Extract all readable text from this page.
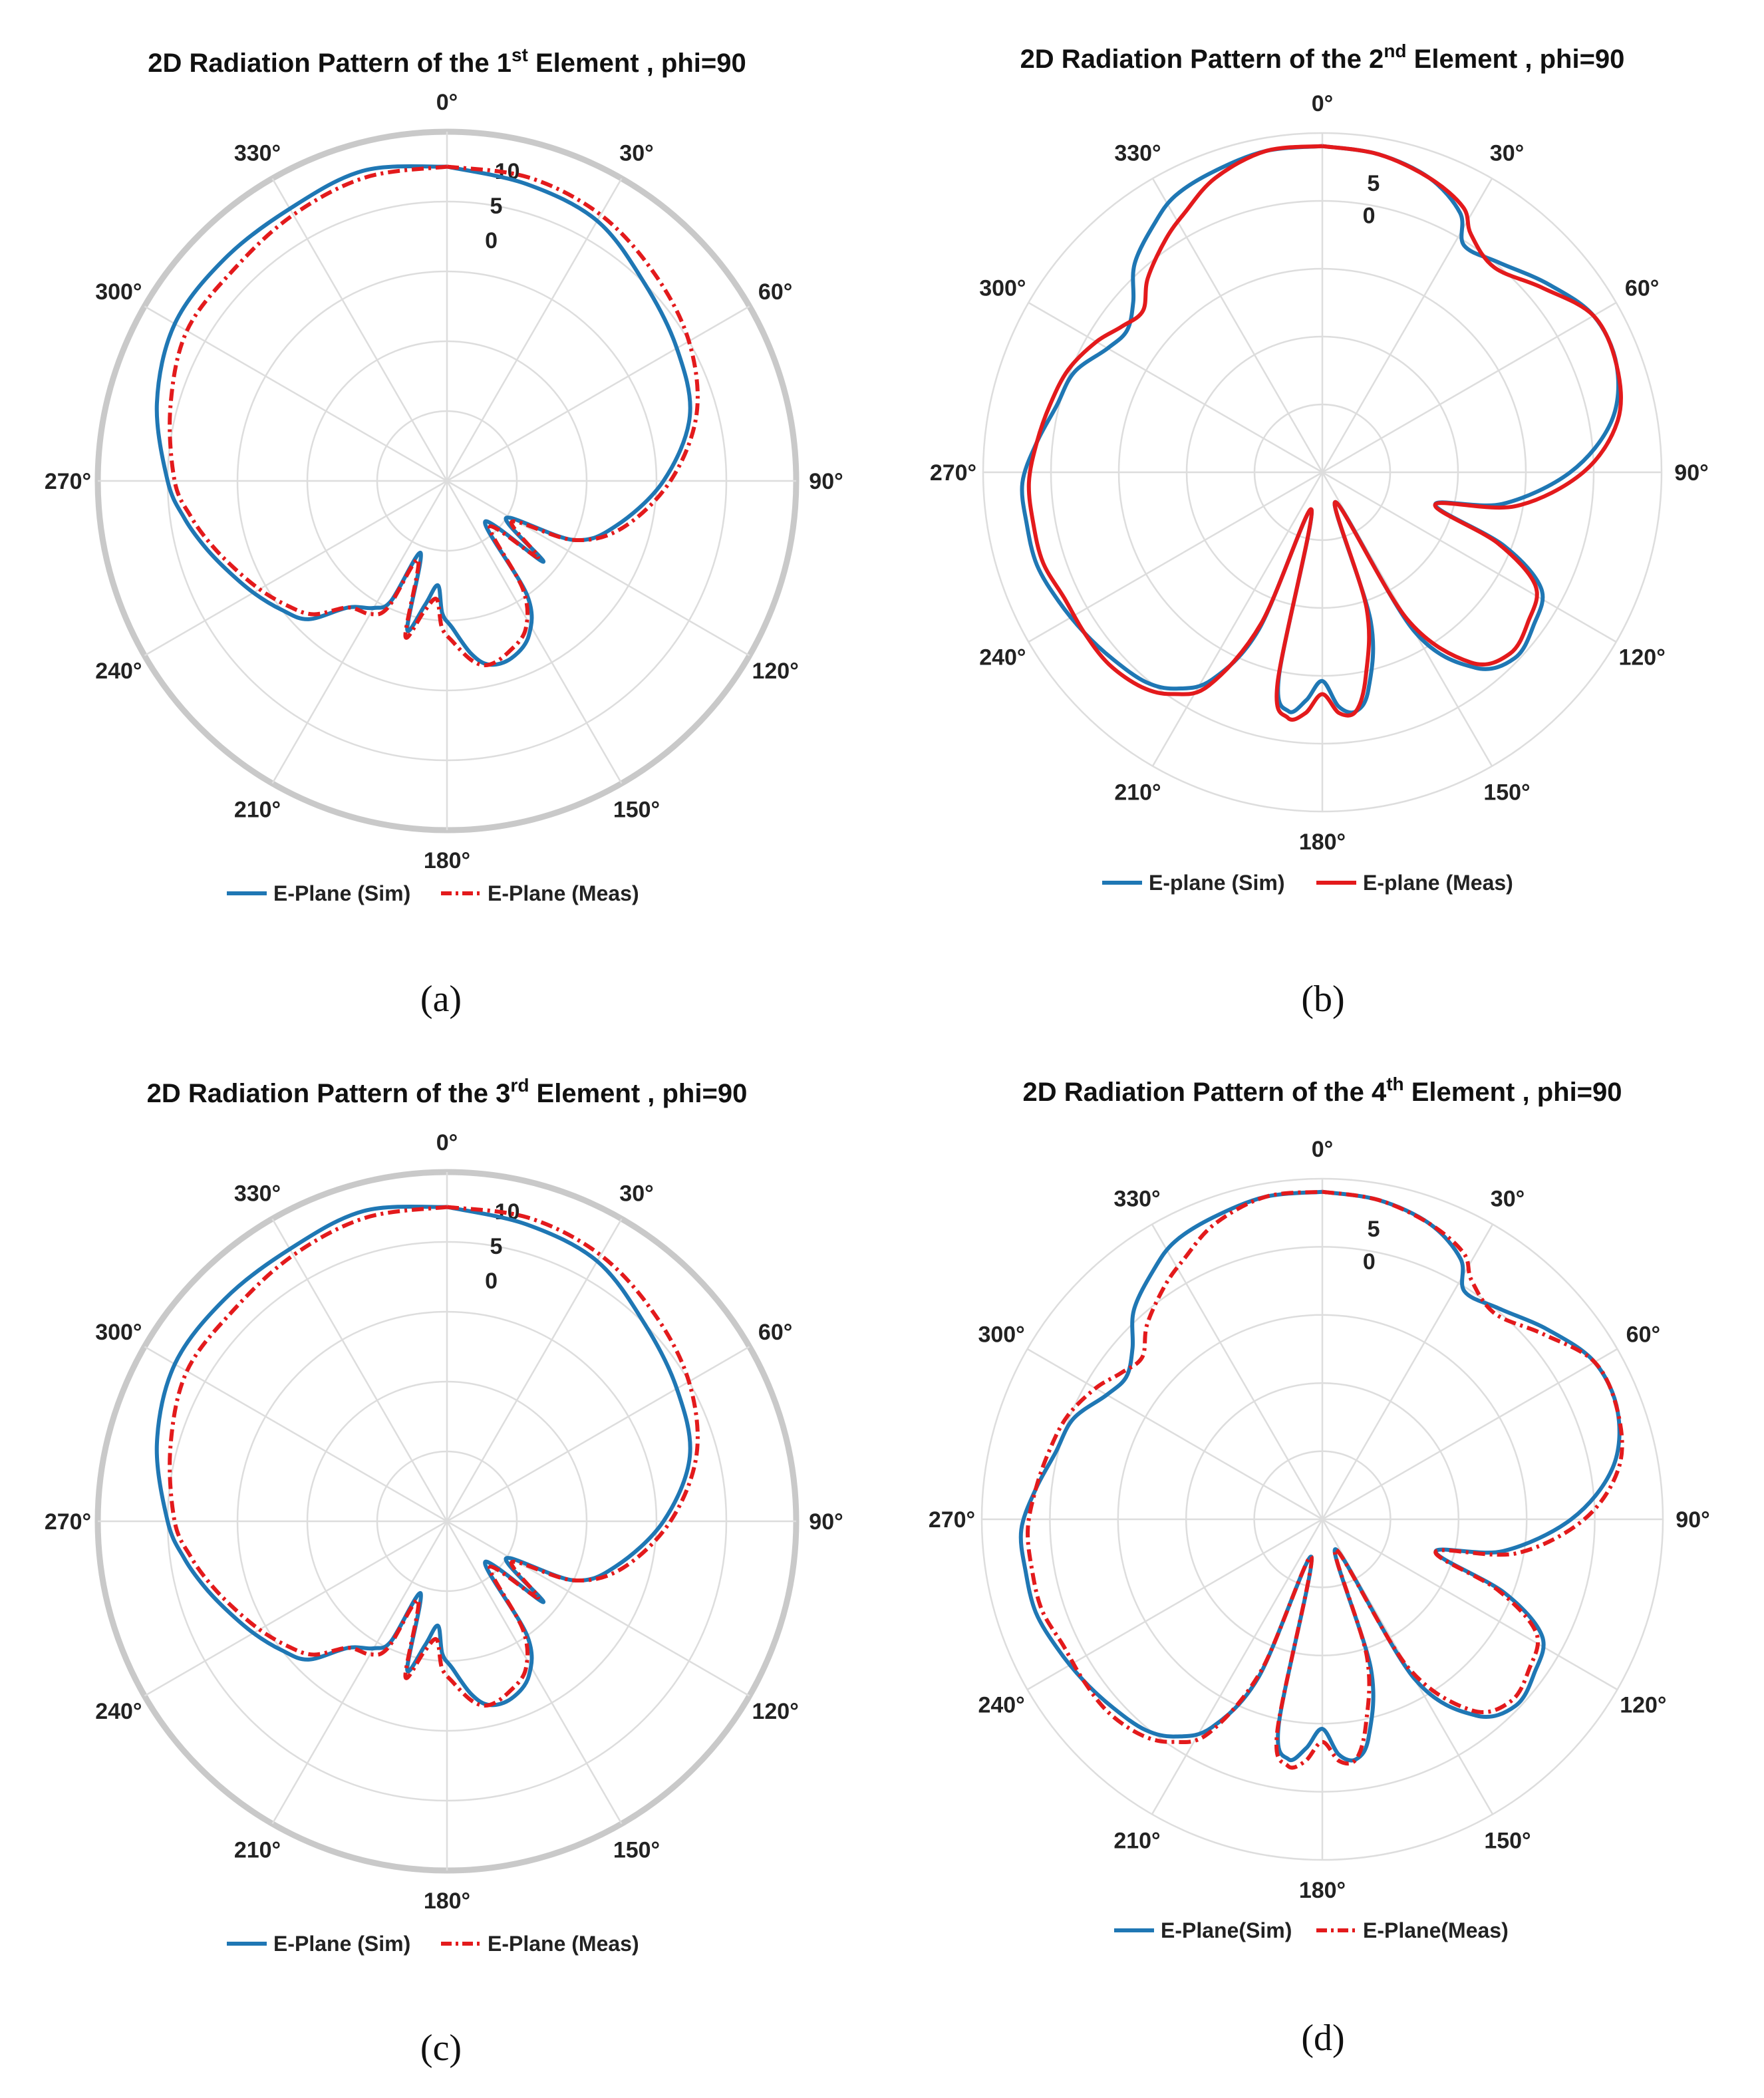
2D Radiation Pattern of the 1st Element , phi=90
0°
30°
60°
90°
120°
150°
180°
210°
240°
270°
300°
330°
0
5
10
E-Plane (Sim)	E-Plane (Meas)
(a)
2D Radiation Pattern of the 2nd Element , phi=90
0°
30°
60°
90°
120°
150°
180°
210°
240°
270°
300°
330°
0
5
E-plane (Sim)	E-plane (Meas)
(b)
2D Radiation Pattern of the 3rd Element , phi=90
0°
30°
60°
90°
120°
150°
180°
210°
240°
270°
300°
330°
0
5
10
E-Plane (Sim)	E-Plane (Meas)
(c)
2D Radiation Pattern of the 4th Element , phi=90
0°
30°
60°
90°
120°
150°
180°
210°
240°
270°
300°
330°
0
5
E-Plane(Sim)	E-Plane(Meas)
(d)
